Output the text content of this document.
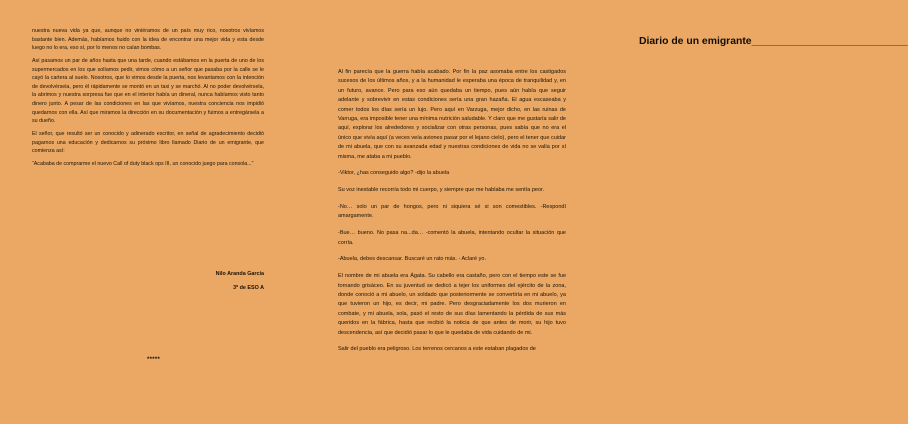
nuestra nueva vida ya que, aunque no viniéramos de un país muy rico, nosotros vivíamos bastante bien. Además, habíamos huido con la idea de encontrar una mejor vida y esta desde luego no lo era, eso sí, por lo menos no caían bombas.

Así pasamos un par de años hasta que una tarde, cuando estábamos en la puerta de uno de los supermercados en los que solíamos pedir, vimos cómo a un señor que pasaba por la calle se le cayó la cartera al suelo. Nosotros, que lo vimos desde la puerta, nos levantamos con la intención de devolvérsela, pero él rápidamente se montó en un taxi y se marchó. Al no poder devolvérsela, la abrimos y nuestra sorpresa fue que en el interior había un dineral, nunca habíamos visto tanto dinero junto. A pesar de las condiciones en las que vivíamos, nuestra conciencia nos impidió quedarnos con ella. Así que miramos la dirección en su documentación y fuimos a entregársela a su dueño.

El señor, que resultó ser un conocido y adinerado escritor, en señal de agradecimiento decidió pagarnos una educación y dedicarnos su próximo libro llamado Diario de un emigrante, que comienza así:

“Acababa de comprarme el nuevo Call of duty black ops III, un conocido juego para consola...”

Nilo Aranda García
3º de ESO A
*****
Diario de un emigrante___________________________

Al fin parecía que la guerra había acabado. Por fin la paz asomaba entre los castigados sucesos de los últimos años, y a la humanidad le esperaba una época de tranquilidad y, en un futuro, avance. Pero para eso aún quedaba un tiempo, pues aún había que seguir adelante y sobrevivir en estas condiciones sería una gran hazaña. El agua escaseaba y comer todos los días sería un lujo. Pero aquí en Varzuga, mejor dicho, en las ruinas de Varruga, era imposible tener una mínima nutrición saludable. Y claro que me gustaría salir de aquí, explorar los alrededores y socializar con otras personas, pues sabía que no era el único que vivía aquí (a veces veía aviones pasar por el lejano cielo), pero el tener que cuidar de mi abuela, que con su avanzada edad y nuestras condiciones de vida no se valía por sí misma, me ataba a mi pueblo.

-Viktor, ¿has conseguido algo? -dijo la abuela

Su voz inestable recorría todo mi cuerpo, y siempre que me hablaba me sentía peor.

-No… solo un par de hongos, pero ni siquiera sé si son comestibles. -Respondí amargamente.

-Bue… bueno. No pasa na...da… -comentó la abuela, intentando ocultar la situación que corría.

-Abuela, debes descansar. Buscaré un rato más. - Aclaré yo.

El nombre de mi abuela era Ágata. Su cabello era castaño, pero con el tiempo este se fue tornando grisáceo. En su juventud se dedicó a tejer los uniformes del ejército de la zona, donde conoció a mi abuelo, un soldado que posteriormente se convertiría en mi abuelo, ya que tuvieron un hijo, es decir, mi padre. Pero desgraciadamente los dos murieron en combate, y mi abuela, sola, pasó el resto de sus días lamentando la pérdida de sus más queridos en la fábrica, hasta que recibió la noticia de que antes de morir, su hijo tuvo descendencia, así que decidió pasar lo que le quedaba de vida cuidando de mi.

Salir del pueblo era peligroso. Los terrenos cercanos a este estaban plagados de
